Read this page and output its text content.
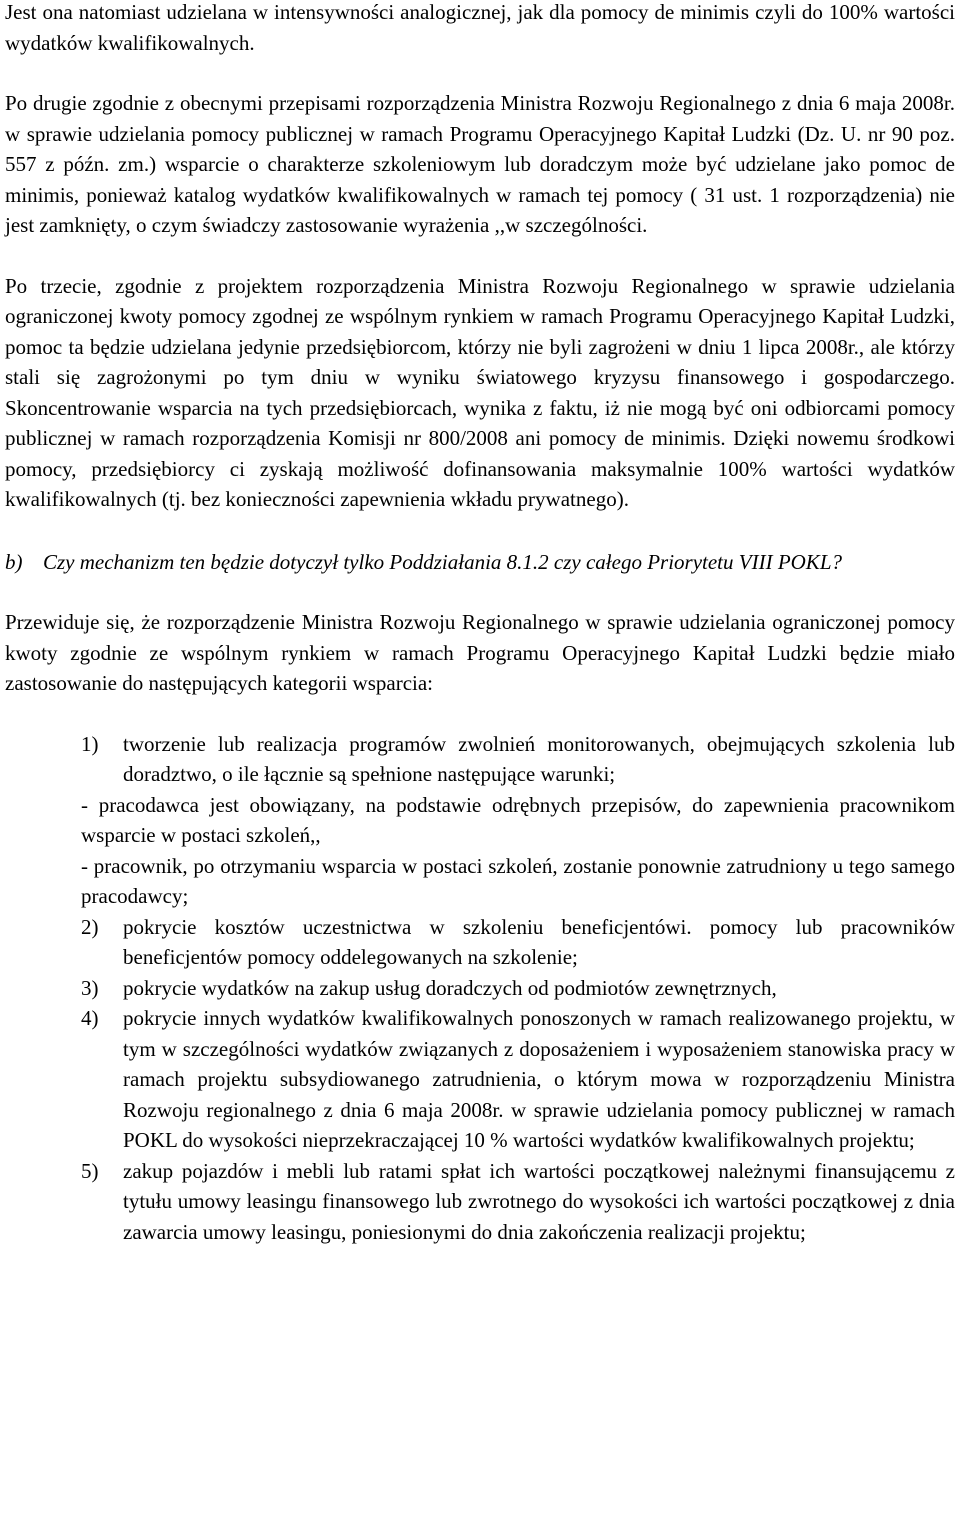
Jest ona natomiast udzielana w intensywności analogicznej, jak dla pomocy de minimis czyli do 100% wartości wydatków kwalifikowalnych.

Po drugie zgodnie z obecnymi przepisami rozporządzenia Ministra Rozwoju Regionalnego z dnia 6 maja 2008r. w sprawie udzielania pomocy publicznej w ramach Programu Operacyjnego Kapitał Ludzki (Dz. U. nr 90 poz. 557 z późn. zm.) wsparcie o charakterze szkoleniowym lub doradczym może być udzielane jako pomoc de minimis, ponieważ katalog wydatków kwalifikowalnych w ramach tej pomocy ( 31 ust. 1 rozporządzenia) nie jest zamknięty, o czym świadczy zastosowanie wyrażenia ,,w szczególności.

Po trzecie, zgodnie z projektem rozporządzenia Ministra Rozwoju Regionalnego w sprawie udzielania ograniczonej kwoty pomocy zgodnej ze wspólnym rynkiem w ramach Programu Operacyjnego Kapitał Ludzki, pomoc ta będzie udzielana jedynie przedsiębiorcom, którzy nie byli zagrożeni w dniu 1 lipca 2008r., ale którzy stali się zagrożonymi po tym dniu w wyniku światowego kryzysu finansowego i gospodarczego. Skoncentrowanie wsparcia na tych przedsiębiorcach, wynika z faktu, iż nie mogą być oni odbiorcami pomocy publicznej w ramach rozporządzenia Komisji nr 800/2008 ani pomocy de minimis. Dzięki nowemu środkowi pomocy, przedsiębiorcy ci zyskają możliwość dofinansowania maksymalnie 100% wartości wydatków kwalifikowalnych (tj. bez konieczności zapewnienia wkładu prywatnego).

b) Czy mechanizm ten będzie dotyczył tylko Poddziałania 8.1.2 czy całego Priorytetu VIII POKL?

Przewiduje się, że rozporządzenie Ministra Rozwoju Regionalnego w sprawie udzielania ograniczonej pomocy kwoty zgodnie ze wspólnym rynkiem w ramach Programu Operacyjnego Kapitał Ludzki będzie miało zastosowanie do następujących kategorii wsparcia:

1)	tworzenie lub realizacja programów zwolnień monitorowanych, obejmujących szkolenia lub doradztwo, o ile łącznie są spełnione następujące warunki;
- pracodawca jest obowiązany, na podstawie odrębnych przepisów, do zapewnienia pracownikom wsparcie w postaci szkoleń,,
- pracownik, po otrzymaniu wsparcia w postaci szkoleń, zostanie ponownie zatrudniony u tego samego pracodawcy;
2)	pokrycie kosztów uczestnictwa w szkoleniu beneficjentówi. pomocy lub pracowników beneficjentów pomocy oddelegowanych na szkolenie;
3)	pokrycie wydatków na zakup usług doradczych od podmiotów zewnętrznych,
4)	pokrycie innych wydatków kwalifikowalnych ponoszonych w ramach realizowanego projektu, w tym w szczególności wydatków związanych z doposażeniem i wyposażeniem stanowiska pracy w ramach projektu subsydiowanego zatrudnienia, o którym mowa w rozporządzeniu Ministra Rozwoju regionalnego z dnia 6 maja 2008r. w sprawie udzielania pomocy publicznej w ramach POKL do wysokości nieprzekraczającej 10 % wartości wydatków kwalifikowalnych projektu;
5)	zakup pojazdów i mebli lub ratami spłat ich wartości początkowej należnymi finansującemu z tytułu umowy leasingu finansowego lub zwrotnego do wysokości ich wartości początkowej z dnia zawarcia umowy leasingu, poniesionymi do dnia zakończenia realizacji projektu;
